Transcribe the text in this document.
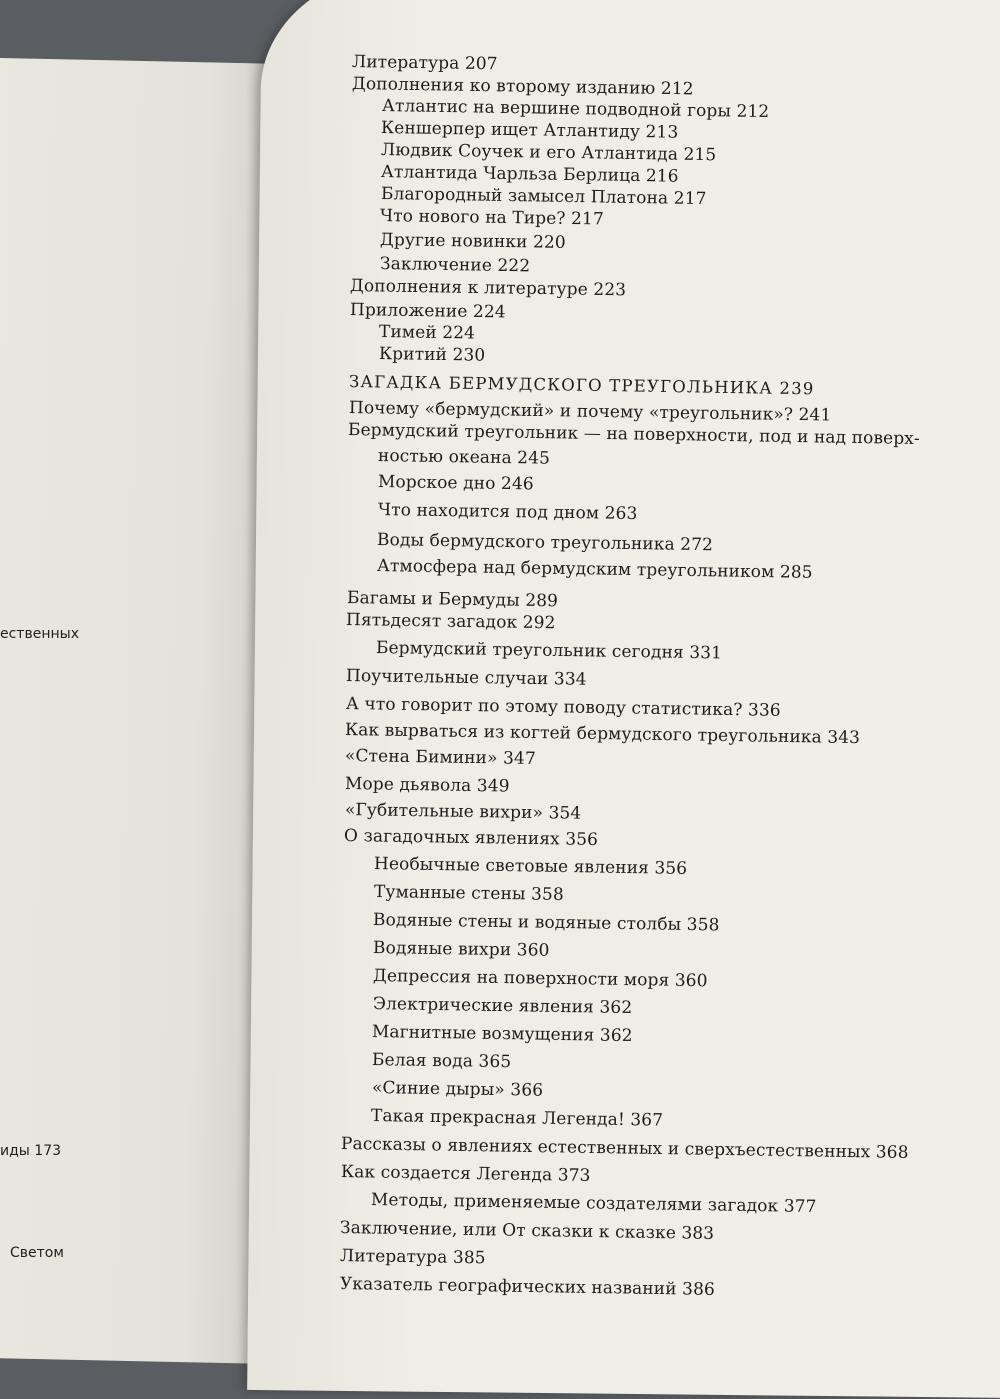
ественных
иды 173
Светом
Литература 207
Дополнения ко второму изданию 212
Атлантис на вершине подводной горы 212
Кеншерпер ищет Атлантиду 213
Людвик Соучек и его Атлантида 215
Атлантида Чарльза Берлица 216
Благородный замысел Платона 217
Что нового на Тире? 217
Другие новинки 220
Заключение 222
Дополнения к литературе 223
Приложение 224
Тимей 224
Критий 230
ЗАГАДКА БЕРМУДСКОГО ТРЕУГОЛЬНИКА 239
Почему «бермудский» и почему «треугольник»? 241
Бермудский треугольник — на поверхности, под и над поверх-
ностью океана 245
Морское дно 246
Что находится под дном 263
Воды бермудского треугольника 272
Атмосфера над бермудским треугольником 285
Багамы и Бермуды 289
Пятьдесят загадок 292
Бермудский треугольник сегодня 331
Поучительные случаи 334
А что говорит по этому поводу статистика? 336
Как вырваться из когтей бермудского треугольника 343
«Стена Бимини» 347
Море дьявола 349
«Губительные вихри» 354
О загадочных явлениях 356
Необычные световые явления 356
Туманные стены 358
Водяные стены и водяные столбы 358
Водяные вихри 360
Депрессия на поверхности моря 360
Электрические явления 362
Магнитные возмущения 362
Белая вода 365
«Синие дыры» 366
Такая прекрасная Легенда! 367
Рассказы о явлениях естественных и сверхъестественных 368
Как создается Легенда 373
Методы, применяемые создателями загадок 377
Заключение, или От сказки к сказке 383
Литература 385
Указатель географических названий 386
